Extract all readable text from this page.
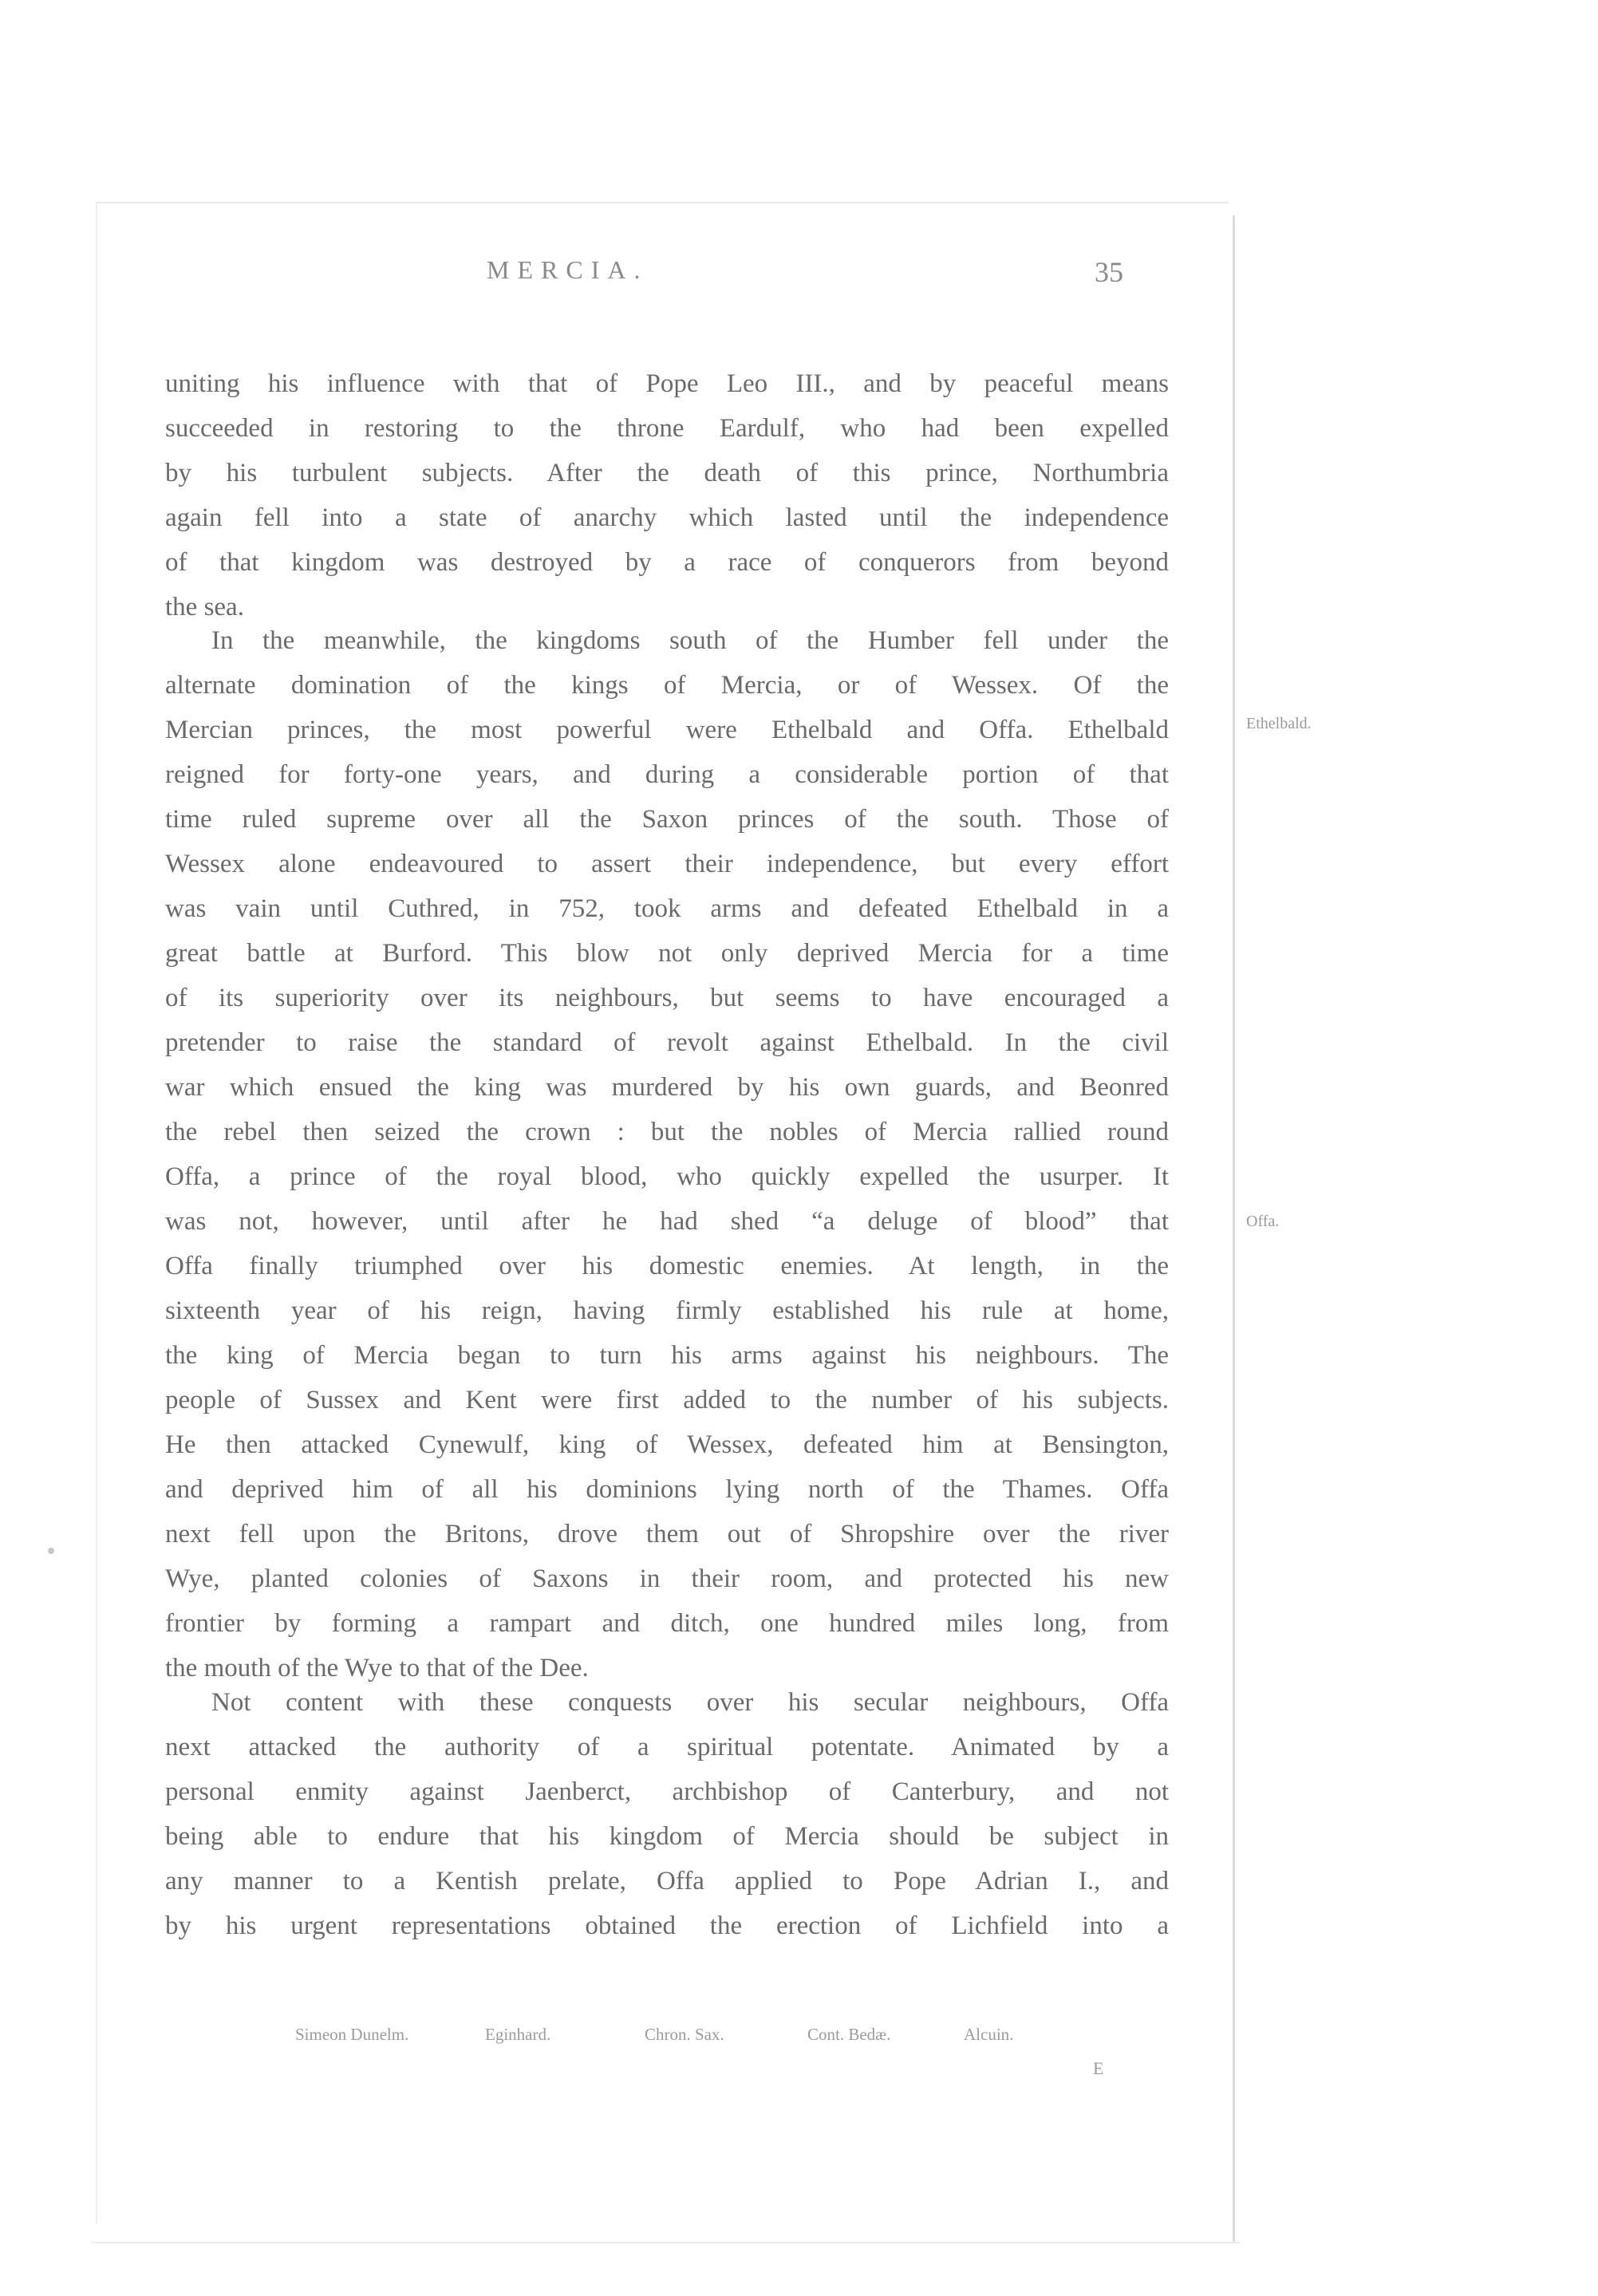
MERCIA.	35
uniting his influence with that of Pope Leo III., and by peaceful means
succeeded in restoring to the throne Eardulf, who had been expelled
by his turbulent subjects. After the death of this prince, Northumbria
again fell into a state of anarchy which lasted until the independence
of that kingdom was destroyed by a race of conquerors from beyond
the sea.
In the meanwhile, the kingdoms south of the Humber fell under the
alternate domination of the kings of Mercia, or of Wessex. Of the
Mercian princes, the most powerful were Ethelbald and Offa. Ethelbald
reigned for forty-one years, and during a considerable portion of that
time ruled supreme over all the Saxon princes of the south. Those of
Wessex alone endeavoured to assert their independence, but every effort
was vain until Cuthred, in 752, took arms and defeated Ethelbald in a
great battle at Burford. This blow not only deprived Mercia for a time
of its superiority over its neighbours, but seems to have encouraged a
pretender to raise the standard of revolt against Ethelbald. In the civil
war which ensued the king was murdered by his own guards, and Beonred
the rebel then seized the crown : but the nobles of Mercia rallied round
Offa, a prince of the royal blood, who quickly expelled the usurper. It
was not, however, until after he had shed “a deluge of blood” that
Offa finally triumphed over his domestic enemies. At length, in the
sixteenth year of his reign, having firmly established his rule at home,
the king of Mercia began to turn his arms against his neighbours. The
people of Sussex and Kent were first added to the number of his subjects.
He then attacked Cynewulf, king of Wessex, defeated him at Bensington,
and deprived him of all his dominions lying north of the Thames. Offa
next fell upon the Britons, drove them out of Shropshire over the river
Wye, planted colonies of Saxons in their room, and protected his new
frontier by forming a rampart and ditch, one hundred miles long, from
the mouth of the Wye to that of the Dee.
Not content with these conquests over his secular neighbours, Offa
next attacked the authority of a spiritual potentate. Animated by a
personal enmity against Jaenberct, archbishop of Canterbury, and not
being able to endure that his kingdom of Mercia should be subject in
any manner to a Kentish prelate, Offa applied to Pope Adrian I., and
by his urgent representations obtained the erection of Lichfield into a
Ethelbald.
Offa.
Simeon Dunelm.	Eginhard.	Chron. Sax.	Cont. Bedæ.	Alcuin.
E
